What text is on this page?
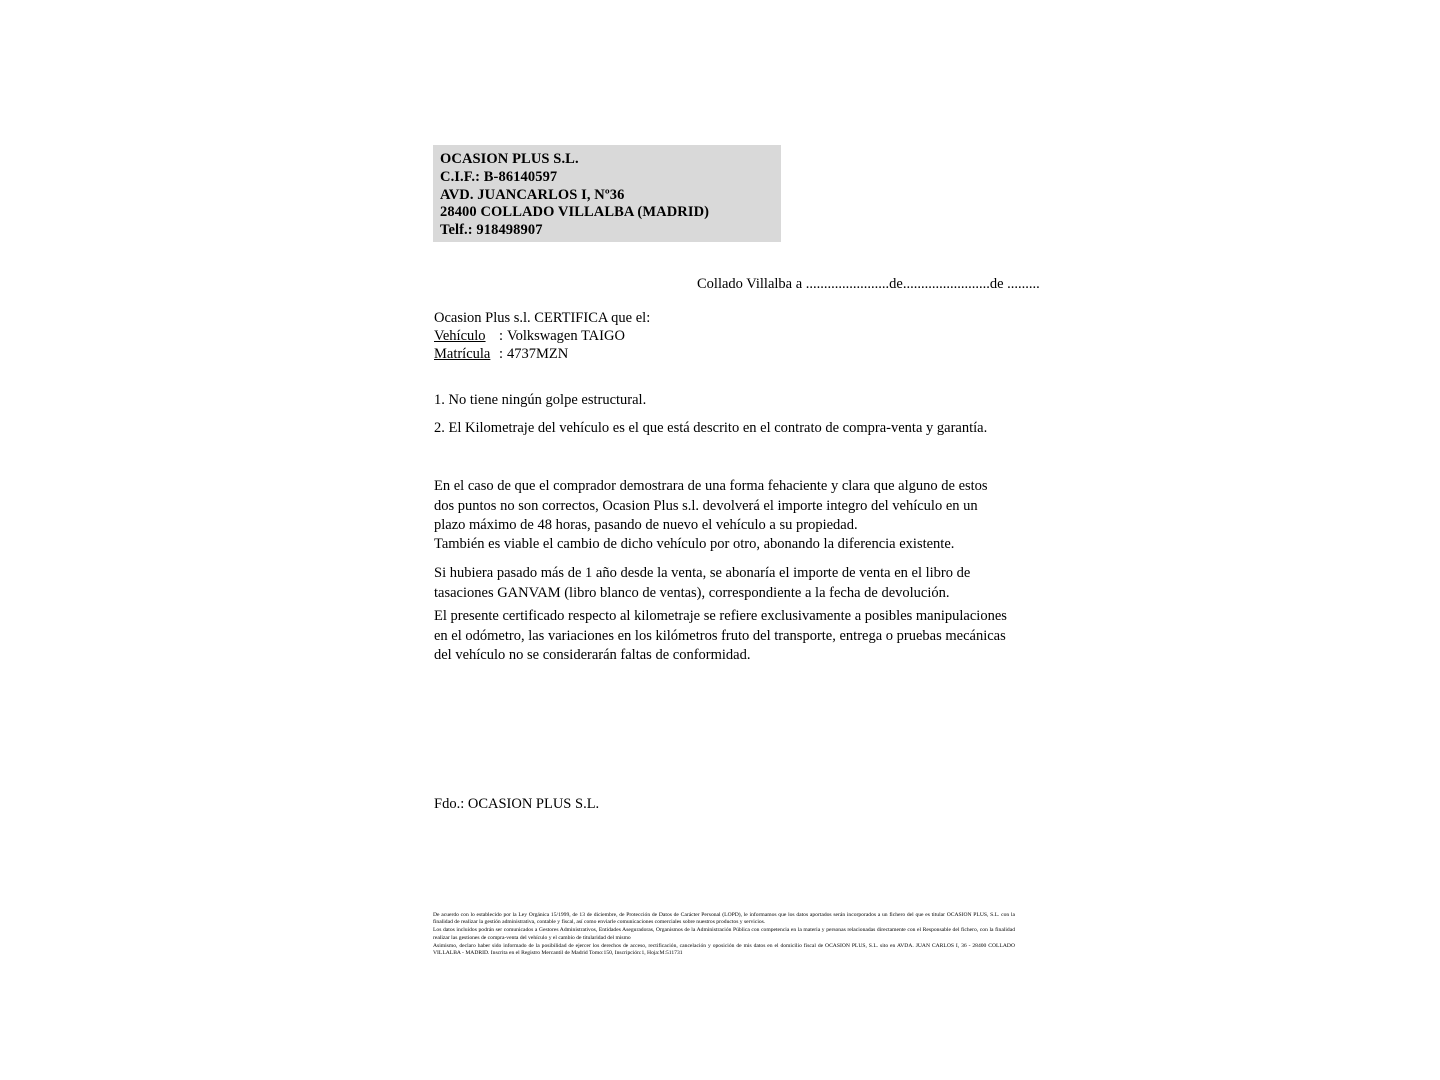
OCASION PLUS S.L.
C.I.F.: B-86140597
AVD. JUANCARLOS I, Nº36
28400 COLLADO VILLALBA (MADRID)
Telf.: 918498907
Collado Villalba a .......................de........................de .........
Ocasion Plus s.l. CERTIFICA que el:
Vehículo : Volkswagen TAIGO
Matrícula : 4737MZN
1. No tiene ningún golpe estructural.
2. El Kilometraje del vehículo es el que está descrito en el contrato de compra-venta y garantía.
En el caso de que el comprador demostrara de una forma fehaciente y clara que alguno de estos dos puntos no son correctos, Ocasion Plus s.l. devolverá el importe integro del vehículo en un plazo máximo de 48 horas, pasando de nuevo el vehículo a su propiedad.
También es viable el cambio de dicho vehículo por otro, abonando la diferencia existente.
Si hubiera pasado más de 1 año desde la venta, se abonaría el importe de venta en el libro de tasaciones GANVAM (libro blanco de ventas), correspondiente a la fecha de devolución.
El presente certificado respecto al kilometraje se refiere exclusivamente a posibles manipulaciones en el odómetro, las variaciones en los kilómetros fruto del transporte, entrega o pruebas mecánicas del vehículo no se considerarán faltas de conformidad.
Fdo.: OCASION PLUS S.L.

De acuerdo con lo establecido por la Ley Orgánica 15/1999, de 13 de diciembre, de Protección de Datos de Carácter Personal (LOPD), le informamos que los datos aportados serán incorporados a un fichero del que es titular OCASION PLUS, S.L. con la finalidad de realizar la gestión administrativa, contable y fiscal, así como enviarle comunicaciones comerciales sobre nuestros productos y servicios.

Los datos incluidos podrán ser comunicados a Gestores Administrativos, Entidades Aseguradoras, Organismos de la Administración Pública con competencia en la materia y personas relacionadas directamente con el Responsable del fichero, con la finalidad realizar las gestiones de compra-venta del vehículo y el cambio de titularidad del mismo

Asimismo, declaro haber sido informado de la posibilidad de ejercer los derechos de acceso, rectificación, cancelación y oposición de mis datos en el domicilio fiscal de OCASION PLUS, S.L. sito en AVDA. JUAN CARLOS I, 36 - 28400 COLLADO VILLALBA - MADRID. Inscrita en el Registro Mercantil de Madrid Tomo:150, Inscripción:1, Hoja:M:511731
